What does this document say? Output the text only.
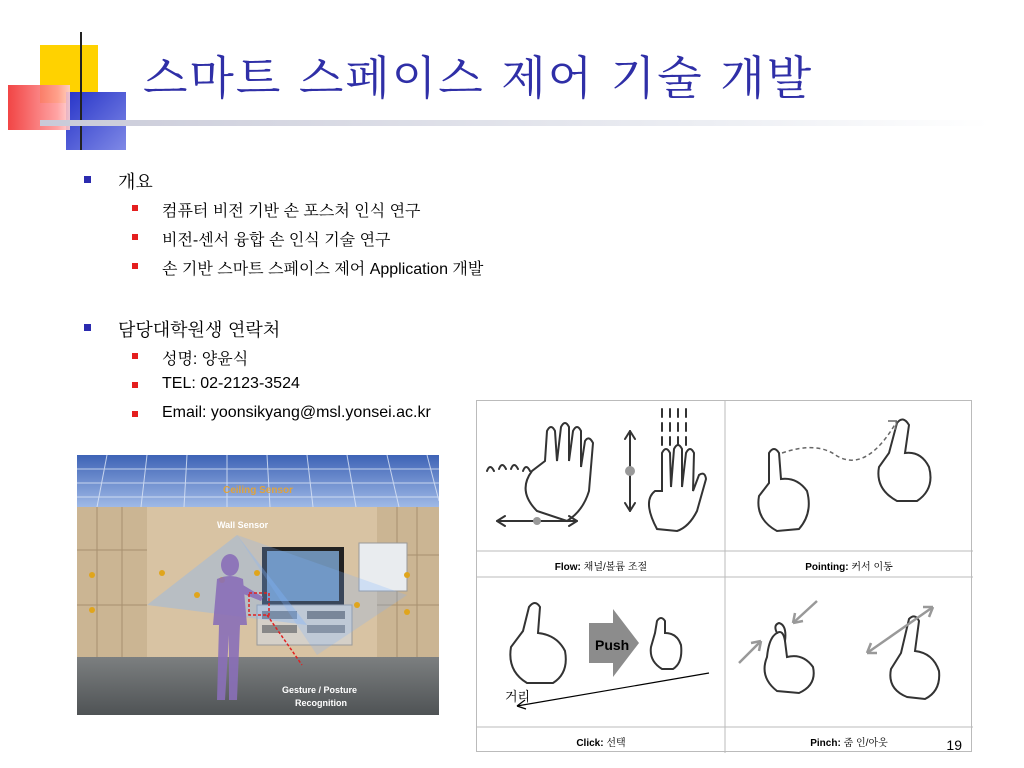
스마트 스페이스 제어 기술 개발
개요
컴퓨터 비전 기반 손 포스처 인식 연구
비전-센서 융합 손 인식 기술 연구
손 기반 스마트 스페이스 제어 Application 개발
담당대학원생 연락처
성명: 양윤식
TEL: 02-2123-3524
Email: yoonsikyang@msl.yonsei.ac.kr
Ceiling Sensor
Wall Sensor
Gesture / Posture
Recognition
Push
거리
Flow: 채널/볼륨 조절	Pointing: 커서 이동
Click: 선택	Pinch: 줌 인/아웃	19
